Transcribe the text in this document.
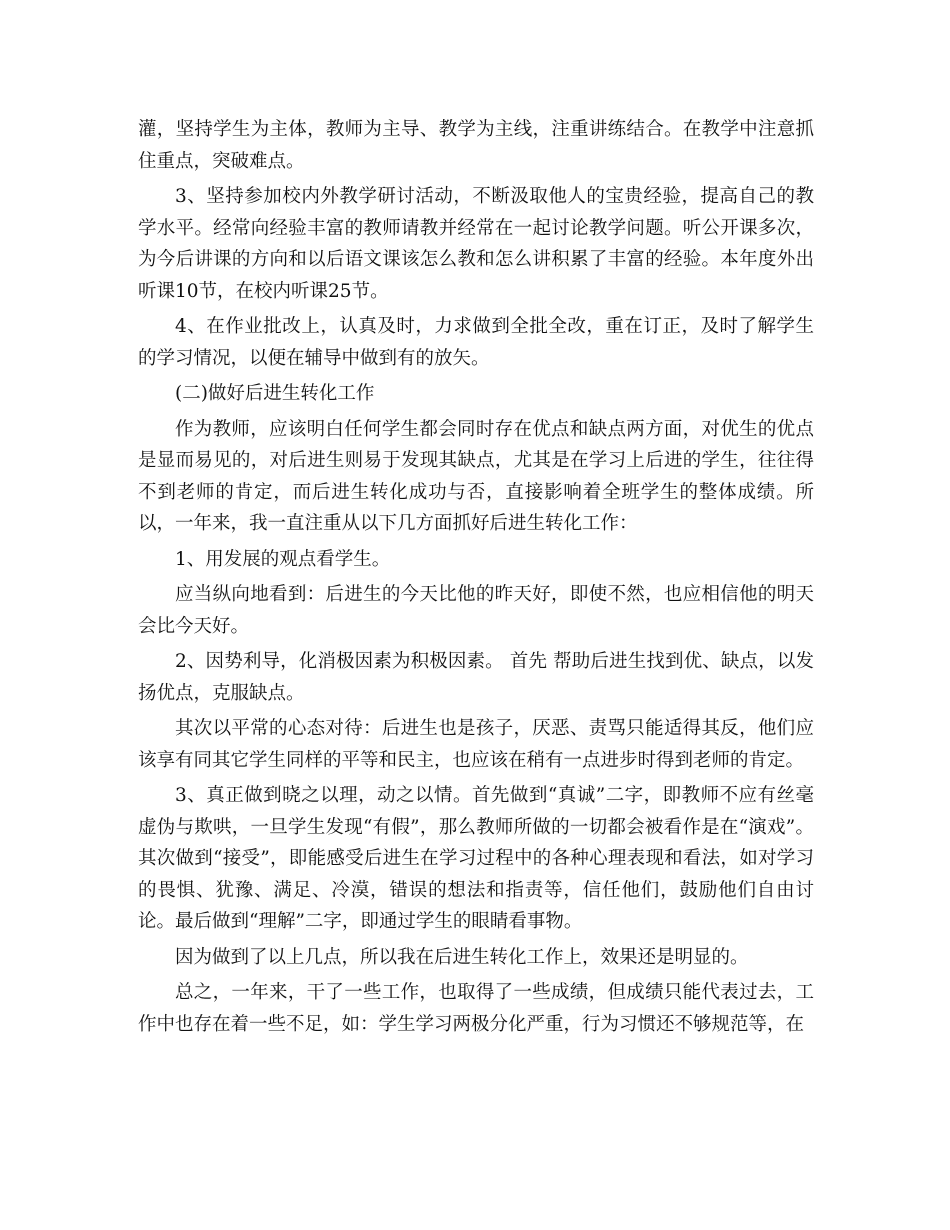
灌，坚持学生为主体，教师为主导、教学为主线，注重讲练结合。在教学中注意抓住重点，突破难点。

3、坚持参加校内外教学研讨活动，不断汲取他人的宝贵经验，提高自己的教学水平。经常向经验丰富的教师请教并经常在一起讨论教学问题。听公开课多次，为今后讲课的方向和以后语文课该怎么教和怎么讲积累了丰富的经验。本年度外出听课10节，在校内听课25节。

4、在作业批改上，认真及时，力求做到全批全改，重在订正，及时了解学生的学习情况，以便在辅导中做到有的放矢。

(二)做好后进生转化工作

作为教师，应该明白任何学生都会同时存在优点和缺点两方面，对优生的优点是显而易见的，对后进生则易于发现其缺点，尤其是在学习上后进的学生，往往得不到老师的肯定，而后进生转化成功与否，直接影响着全班学生的整体成绩。所以，一年来，我一直注重从以下几方面抓好后进生转化工作：

1、用发展的观点看学生。

应当纵向地看到：后进生的今天比他的昨天好，即使不然，也应相信他的明天会比今天好。

2、因势利导，化消极因素为积极因素。 首先 帮助后进生找到优、缺点，以发扬优点，克服缺点。

其次以平常的心态对待：后进生也是孩子，厌恶、责骂只能适得其反，他们应该享有同其它学生同样的平等和民主，也应该在稍有一点进步时得到老师的肯定。

3、真正做到晓之以理，动之以情。首先做到“真诚”二字，即教师不应有丝毫虚伪与欺哄，一旦学生发现“有假”，那么教师所做的一切都会被看作是在“演戏”。其次做到“接受”，即能感受后进生在学习过程中的各种心理表现和看法，如对学习的畏惧、犹豫、满足、冷漠，错误的想法和指责等，信任他们，鼓励他们自由讨论。最后做到“理解”二字，即通过学生的眼睛看事物。

因为做到了以上几点，所以我在后进生转化工作上，效果还是明显的。

总之，一年来，干了一些工作，也取得了一些成绩，但成绩只能代表过去，工作中也存在着一些不足，如：学生学习两极分化严重，行为习惯还不够规范等，在
